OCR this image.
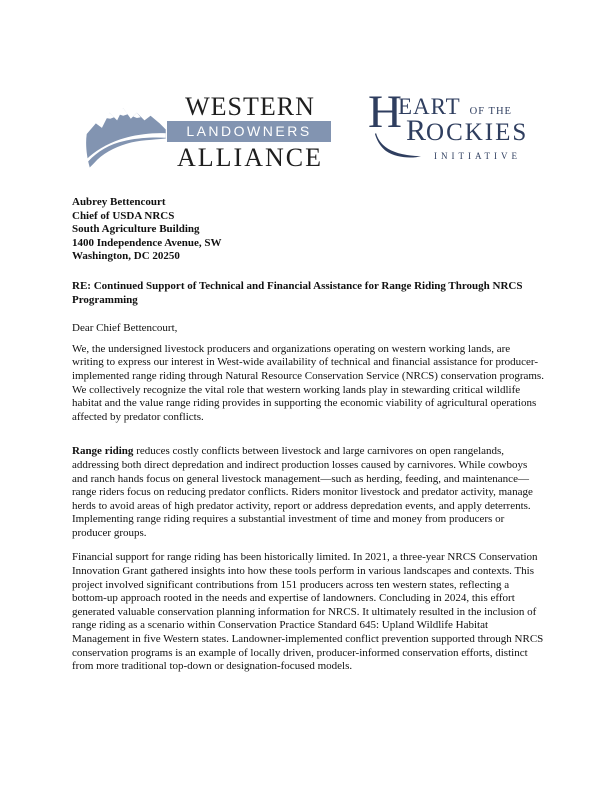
WESTERN
LANDOWNERS
ALLIANCE
H
EART OF THE
ROCKIES
INITIATIVE
Aubrey Bettencourt
Chief of USDA NRCS
South Agriculture Building
1400 Independence Avenue, SW
Washington, DC 20250
RE: Continued Support of Technical and Financial Assistance for Range Riding Through NRCS Programming
Dear Chief Bettencourt,
We, the undersigned livestock producers and organizations operating on western working lands, are writing to express our interest in West-wide availability of technical and financial assistance for producer-implemented range riding through Natural Resource Conservation Service (NRCS) conservation programs. We collectively recognize the vital role that western working lands play in stewarding critical wildlife habitat and the value range riding provides in supporting the economic viability of agricultural operations affected by predator conflicts.
Range riding reduces costly conflicts between livestock and large carnivores on open rangelands, addressing both direct depredation and indirect production losses caused by carnivores. While cowboys and ranch hands focus on general livestock management—such as herding, feeding, and maintenance—range riders focus on reducing predator conflicts. Riders monitor livestock and predator activity, manage herds to avoid areas of high predator activity, report or address depredation events, and apply deterrents. Implementing range riding requires a substantial investment of time and money from producers or producer groups.
Financial support for range riding has been historically limited. In 2021, a three-year NRCS Conservation Innovation Grant gathered insights into how these tools perform in various landscapes and contexts. This project involved significant contributions from 151 producers across ten western states, reflecting a bottom-up approach rooted in the needs and expertise of landowners. Concluding in 2024, this effort generated valuable conservation planning information for NRCS. It ultimately resulted in the inclusion of range riding as a scenario within Conservation Practice Standard 645: Upland Wildlife Habitat Management in five Western states. Landowner-implemented conflict prevention supported through NRCS conservation programs is an example of locally driven, producer-informed conservation efforts, distinct from more traditional top-down or designation-focused models.
